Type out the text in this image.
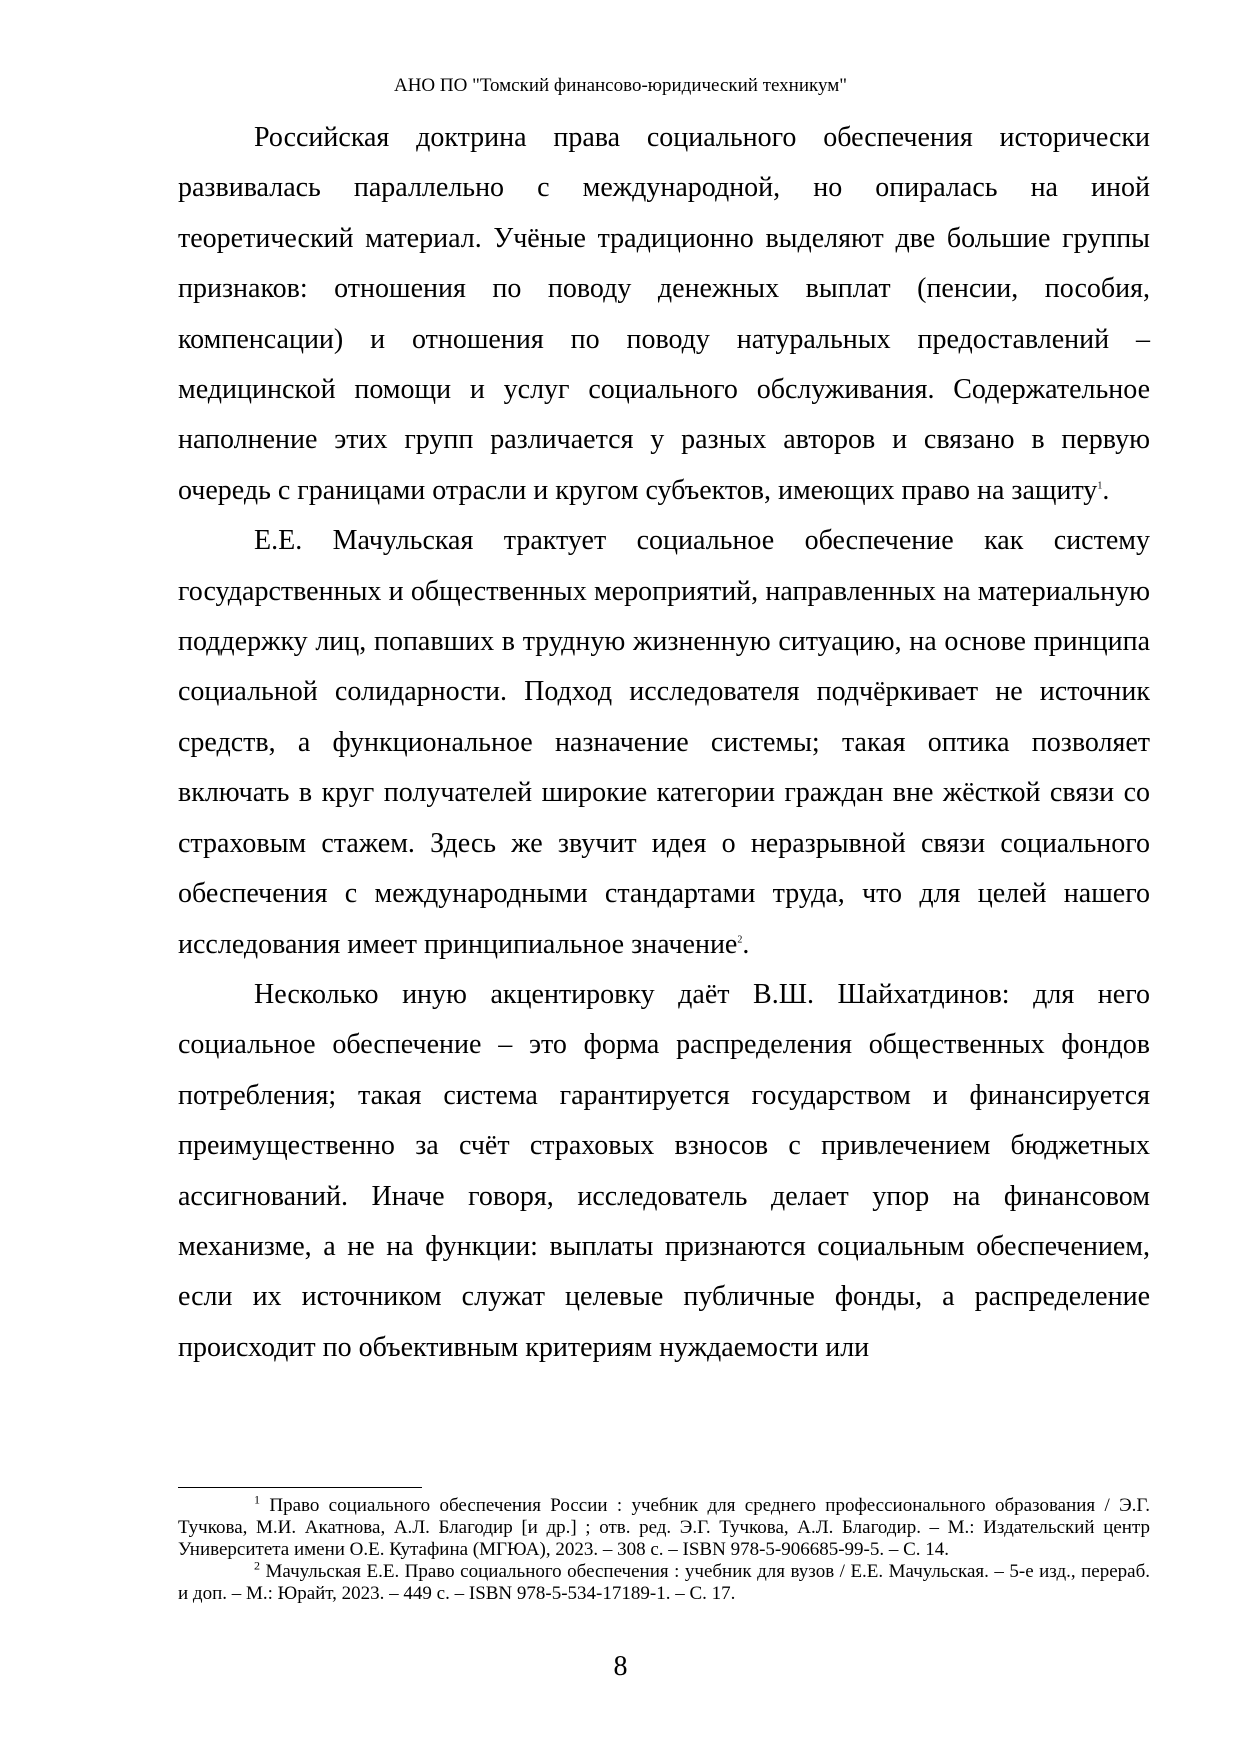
АНО ПО "Томский финансово-юридический техникум"

Российская доктрина права социального обеспечения исторически развивалась параллельно с международной, но опиралась на иной теоретический материал. Учёные традиционно выделяют две большие группы признаков: отношения по поводу денежных выплат (пенсии, пособия, компенсации) и отношения по поводу натуральных предоставлений – медицинской помощи и услуг социального обслуживания. Содержательное наполнение этих групп различается у разных авторов и связано в первую очередь с границами отрасли и кругом субъектов, имеющих право на защиту$^1$.

Е.Е. Мачульская трактует социальное обеспечение как систему государственных и общественных мероприятий, направленных на материальную поддержку лиц, попавших в трудную жизненную ситуацию, на основе принципа социальной солидарности. Подход исследователя подчёркивает не источник средств, а функциональное назначение системы; такая оптика позволяет включать в круг получателей широкие категории граждан вне жёсткой связи со страховым стажем. Здесь же звучит идея о неразрывной связи социального обеспечения с международными стандартами труда, что для целей нашего исследования имеет принципиальное значение$^2$.

Несколько иную акцентировку даёт В.Ш. Шайхатдинов: для него социальное обеспечение – это форма распределения общественных фондов потребления; такая система гарантируется государством и финансируется преимущественно за счёт страховых взносов с привлечением бюджетных ассигнований. Иначе говоря, исследователь делает упор на финансовом механизме, а не на функции: выплаты признаются социальным обеспечением, если их источником служат целевые публичные фонды, а распределение происходит по объективным критериям нуждаемости или

$^1$ Право социального обеспечения России : учебник для среднего профессионального образования / Э.Г. Тучкова, М.И. Акатнова, А.Л. Благодир [и др.] ; отв. ред. Э.Г. Тучкова, А.Л. Благодир. – М.: Издательский центр Университета имени О.Е. Кутафина (МГЮА), 2023. – 308 с. – ISBN 978-5-906685-99-5. – С. 14.

$^2$ Мачульская Е.Е. Право социального обеспечения : учебник для вузов / Е.Е. Мачульская. – 5-е изд., перераб. и доп. – М.: Юрайт, 2023. – 449 с. – ISBN 978-5-534-17189-1. – С. 17.

8
